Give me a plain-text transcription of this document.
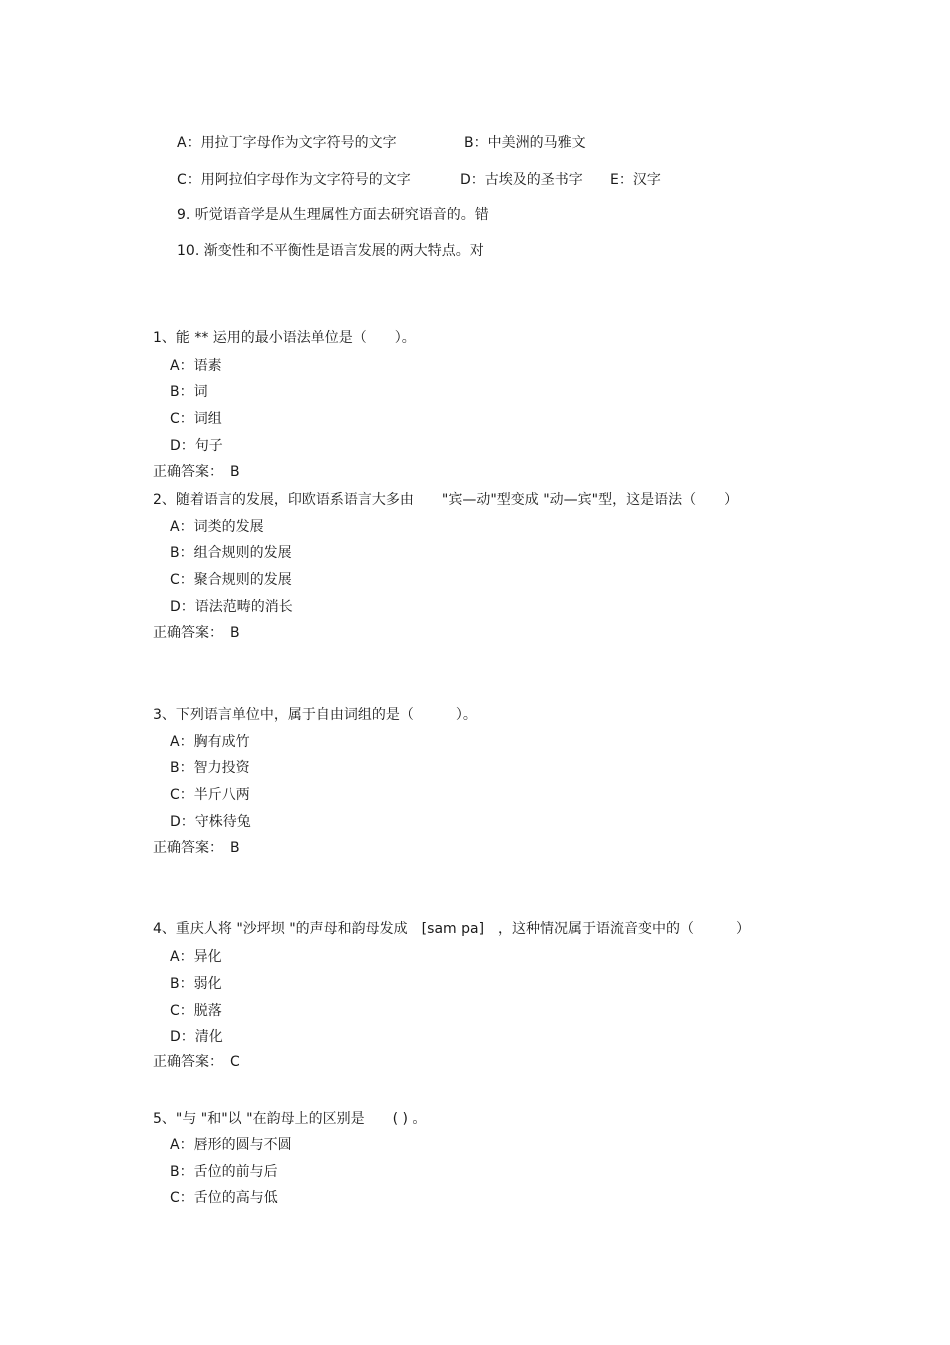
A：用拉丁字母作为文字符号的文字	B：中美洲的马雅文
C：用阿拉伯字母作为文字符号的文字	D：古埃及的圣书字 E：汉字
9. 听觉语音学是从生理属性方面去研究语音的。错
10. 渐变性和不平衡性是语言发展的两大特点。对
1、能 ** 运用的最小语法单位是（　　）。
A：语素
B：词
C：词组
D：句子
正确答案：　B
2、随着语言的发展，印欧语系语言大多由　　"宾—动"型变成 "动—宾"型，这是语法（　　）
A：词类的发展
B：组合规则的发展
C：聚合规则的发展
D：语法范畴的消长
正确答案：　B
3、下列语言单位中，属于自由词组的是（　　　）。
A：胸有成竹
B：智力投资
C：半斤八两
D：守株待兔
正确答案：　B
4、重庆人将 "沙坪坝 "的声母和韵母发成　[sam pa]　，这种情况属于语流音变中的（　　　）
A：异化
B：弱化
C：脱落
D：清化
正确答案：　C
5、"与 "和"以 "在韵母上的区别是　　( ) 。
A：唇形的圆与不圆
B：舌位的前与后
C：舌位的高与低
